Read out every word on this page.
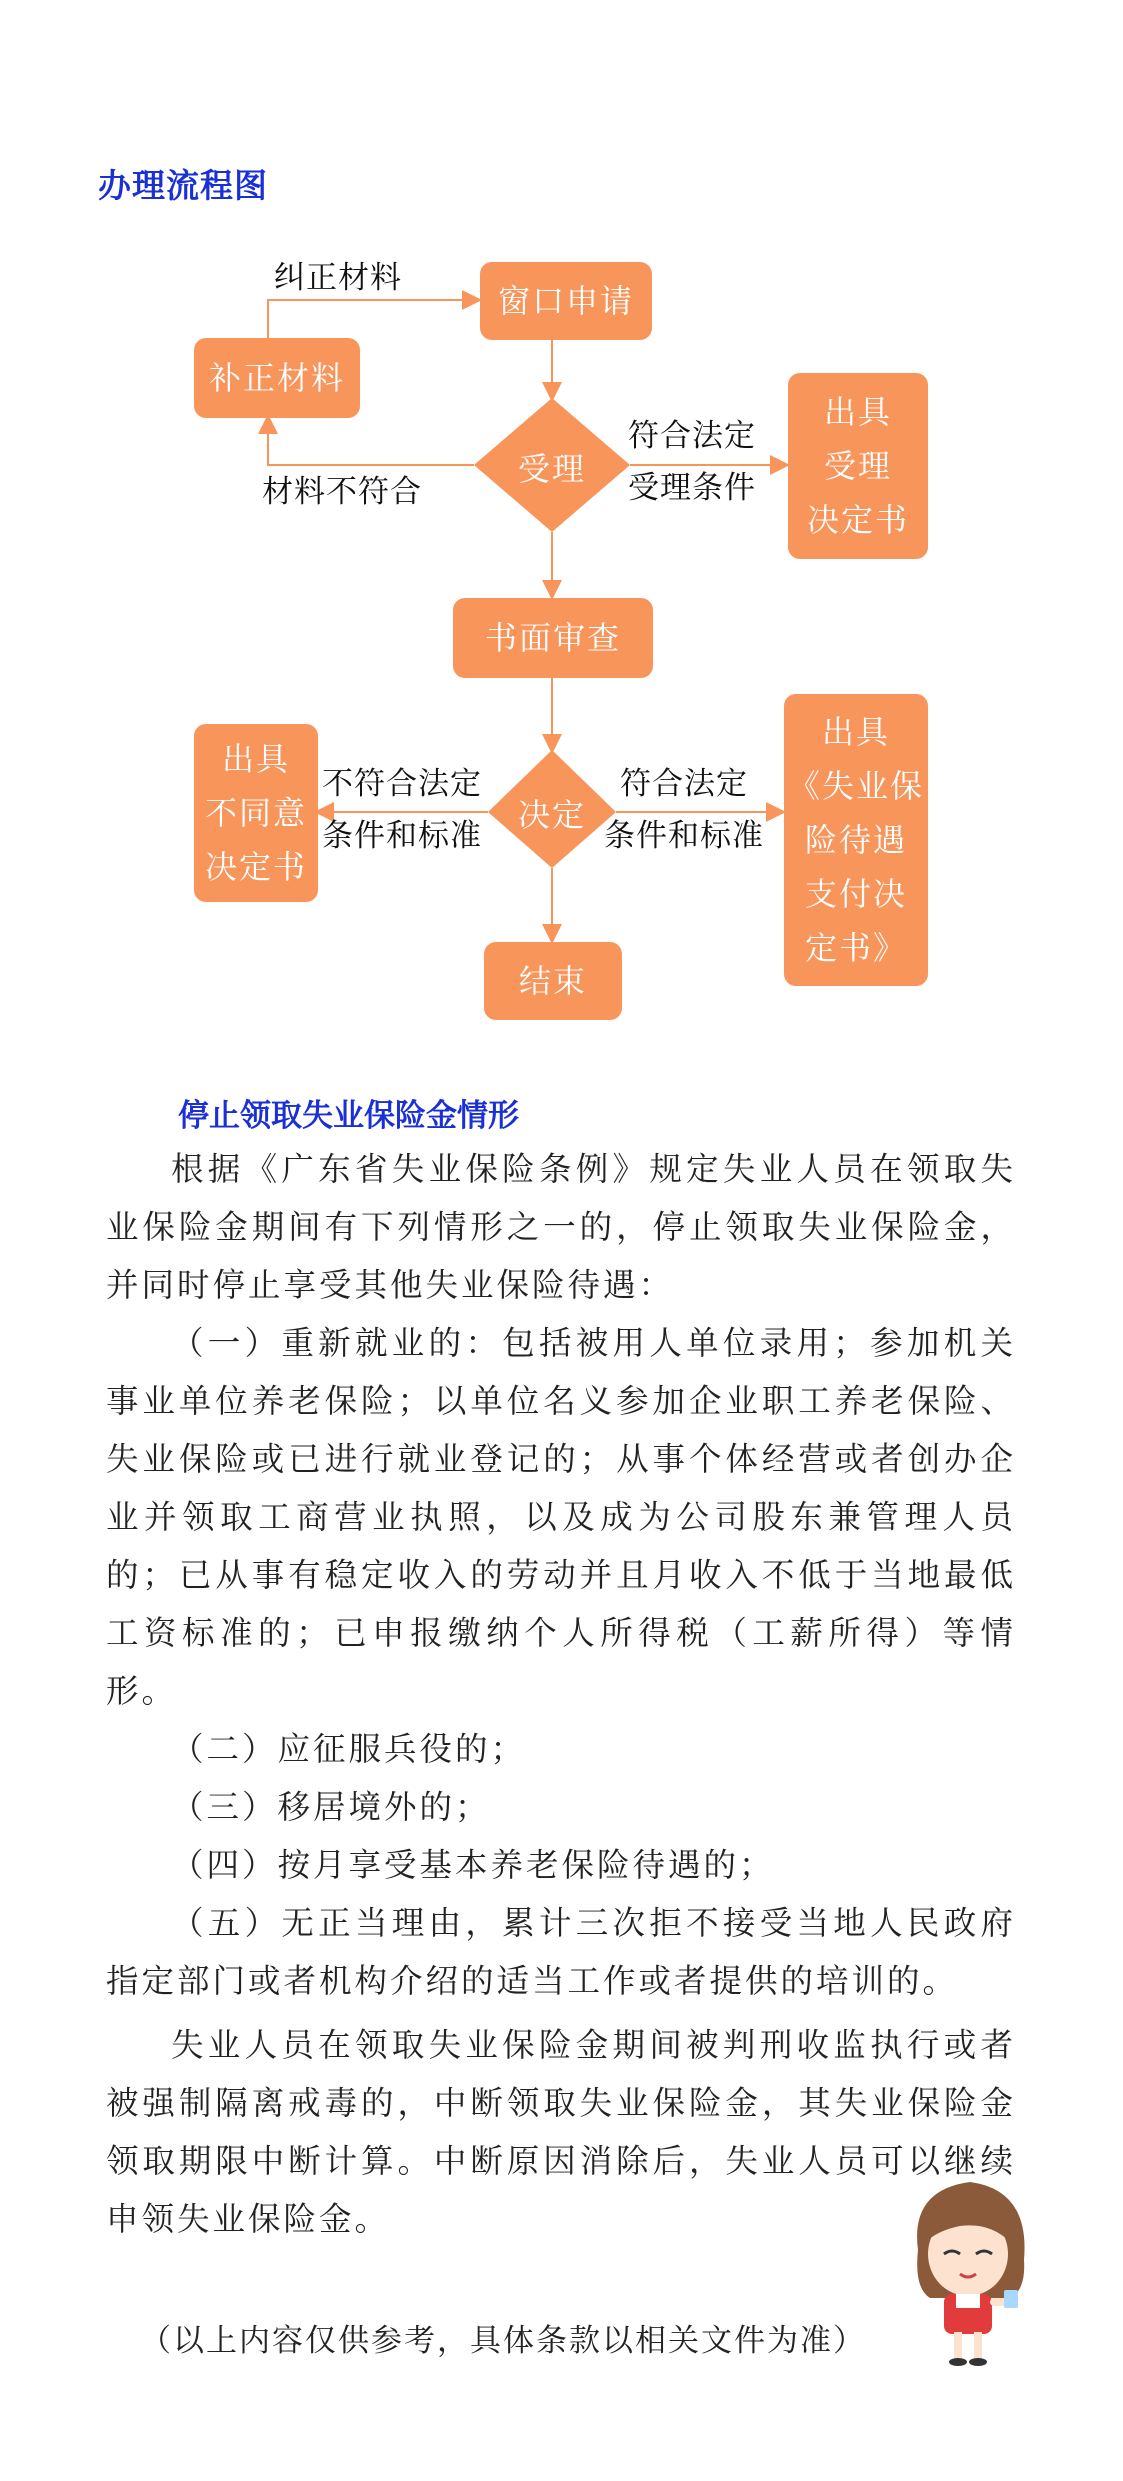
办理流程图
窗口申请
补正材料
受理
出具
受理
决定书
书面审查
决定
出具
不同意
决定书
出具
《失业保
险待遇
支付决
定书》
结束
纠正材料
材料不符合
符合法定
受理条件
不符合法定
条件和标准
符合法定
条件和标准
停止领取失业保险金情形

根据《广东省失业保险条例》规定失业人员在领取失业保险金期间有下列情形之一的，停止领取失业保险金，并同时停止享受其他失业保险待遇：

（一）重新就业的：包括被用人单位录用；参加机关事业单位养老保险；以单位名义参加企业职工养老保险、失业保险或已进行就业登记的；从事个体经营或者创办企业并领取工商营业执照，以及成为公司股东兼管理人员的；已从事有稳定收入的劳动并且月收入不低于当地最低工资标准的；已申报缴纳个人所得税（工薪所得）等情形。

（二）应征服兵役的；

（三）移居境外的；

（四）按月享受基本养老保险待遇的；

（五）无正当理由，累计三次拒不接受当地人民政府指定部门或者机构介绍的适当工作或者提供的培训的。

失业人员在领取失业保险金期间被判刑收监执行或者被强制隔离戒毒的，中断领取失业保险金，其失业保险金领取期限中断计算。中断原因消除后，失业人员可以继续申领失业保险金。

（以上内容仅供参考，具体条款以相关文件为准）
